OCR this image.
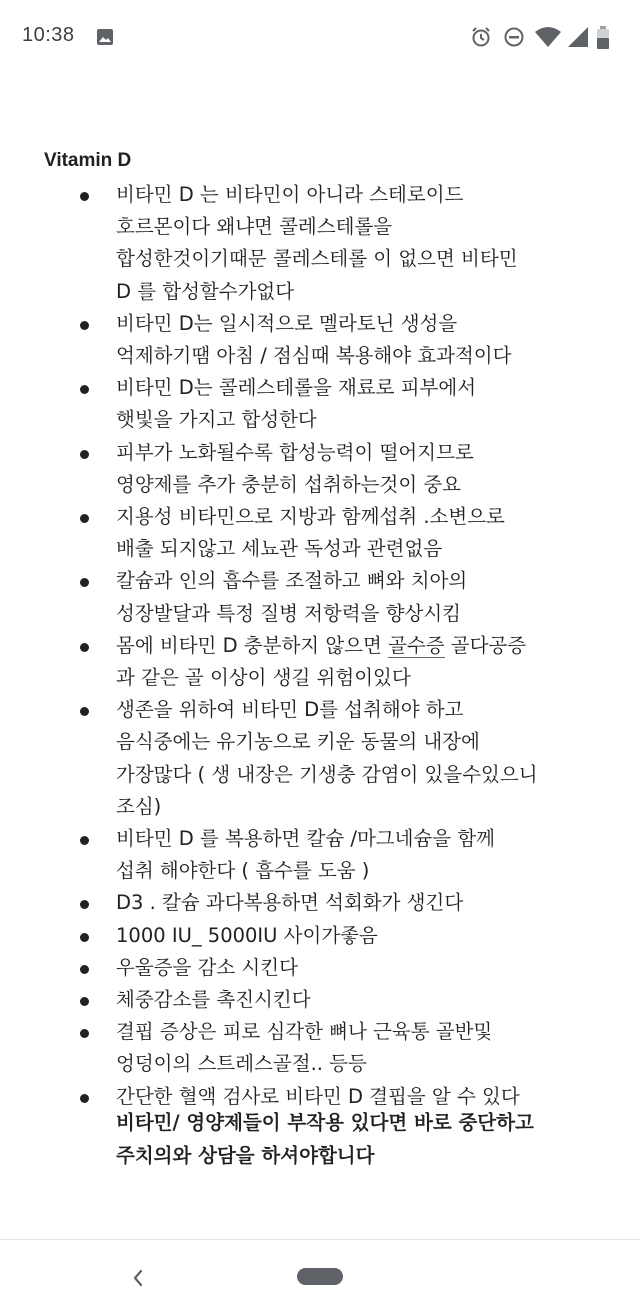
10:38
Vitamin D
비타민 D 는 비타민이 아니라 스테로이드
호르몬이다 왜냐면 콜레스테롤을
합성한것이기때문 콜레스테롤 이 없으면 비타민
D 를 합성할수가없다
비타민 D는 일시적으로 멜라토닌 생성을
억제하기땜 아침 / 점심때 복용해야 효과적이다
비타민 D는 콜레스테롤을 재료로 피부에서
햇빛을 가지고 합성한다
피부가 노화될수록 합성능력이 떨어지므로
영양제를 추가 충분히 섭취하는것이 중요
지용성 비타민으로 지방과 함께섭취 .소변으로
배출 되지않고 세뇨관 독성과 관련없음
칼슘과 인의 흡수를 조절하고 뼈와 치아의
성장발달과 특정 질병 저항력을 향상시킴
몸에 비타민 D 충분하지 않으면 골수증 골다공증
과 같은 골 이상이 생길 위험이있다
생존을 위하여 비타민 D를 섭취해야 하고
음식중에는 유기농으로 키운 동물의 내장에
가장많다 ( 생 내장은 기생충 감염이 있을수있으니
조심)
비타민 D 를 복용하면 칼슘 /마그네슘을 함께
섭취 해야한다 ( 흡수를 도움 )
D3 . 칼슘 과다복용하면 석회화가 생긴다
1000 IU_ 5000IU 사이가좋음
우울증을 감소 시킨다
체중감소를 촉진시킨다
결핍 증상은 피로 심각한 뼈나 근육통 골반및
엉덩이의 스트레스골절.. 등등
간단한 혈액 검사로 비타민 D 결핍을 알 수 있다
비타민/ 영양제들이 부작용 있다면 바로 중단하고
주치의와 상담을 하셔야합니다
